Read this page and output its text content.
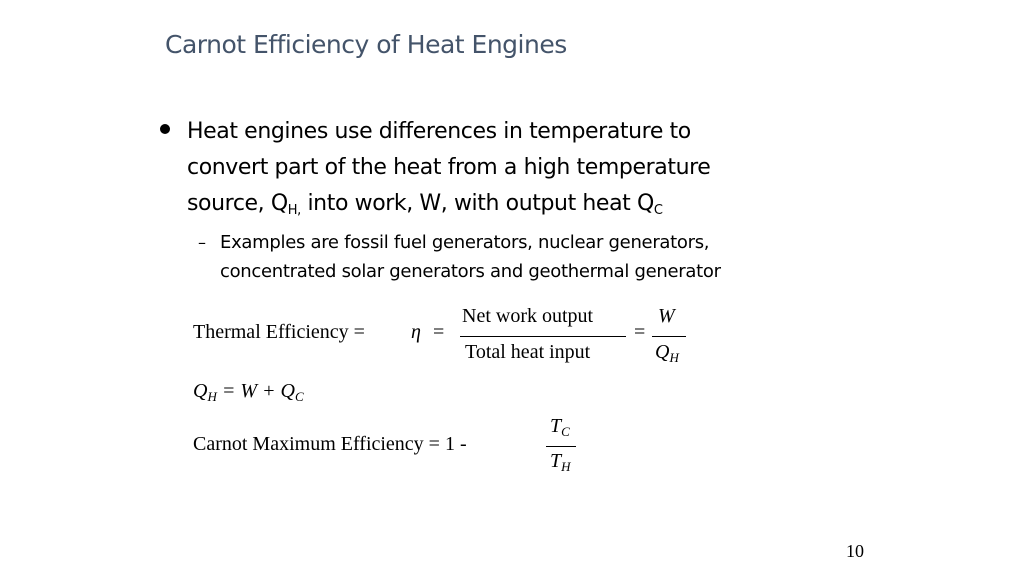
Carnot Efficiency of Heat Engines
Heat engines use differences in temperature to
convert part of the heat from a high temperature
source, $Q_{H,}$ into work, W, with output heat $Q_C$
– Examples are fossil fuel generators, nuclear generators,
concentrated solar generators and geothermal generator
Thermal Efficiency = η =
Net work output
Total heat input
=
W
$Q_H$
$Q_H = W + Q_C$
Carnot Maximum Efficiency = 1 -
$T_C$
$T_H$
10
